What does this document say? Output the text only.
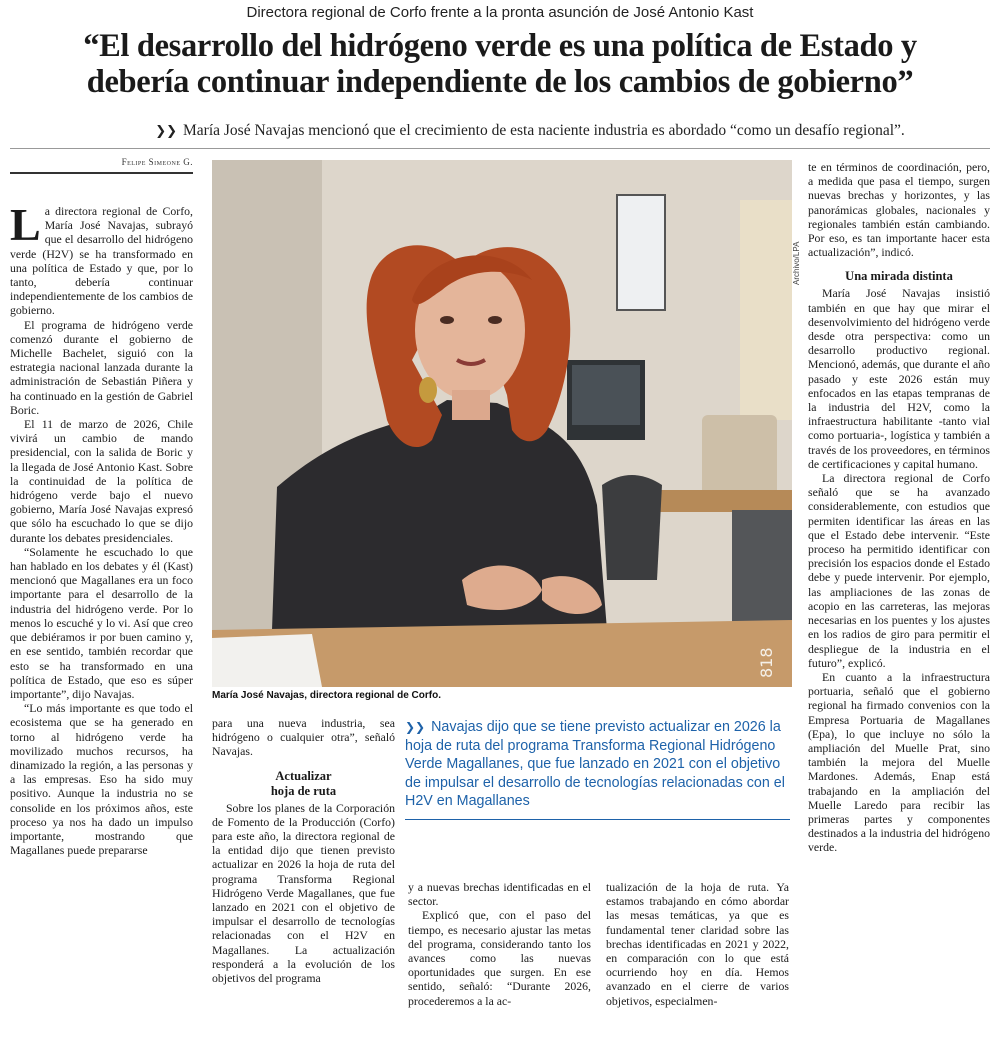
Directora regional de Corfo frente a la pronta asunción de José Antonio Kast
“El desarrollo del hidrógeno verde es una política de Estado y
debería continuar independiente de los cambios de gobierno”
❯❯ María José Navajas mencionó que el crecimiento de esta naciente industria es abordado “como un desafío regional”.
Felipe Simeone G.

La directora regional de Corfo, María José Navajas, subrayó que el desarrollo del hidrógeno verde (H2V) se ha transformado en una política de Estado y que, por lo tanto, debería continuar independientemente de los cambios de gobierno.

El programa de hidrógeno verde comenzó durante el gobierno de Michelle Bachelet, siguió con la estrategia nacional lanzada durante la administración de Sebastián Piñera y ha continuado en la gestión de Gabriel Boric.

El 11 de marzo de 2026, Chile vivirá un cambio de mando presidencial, con la salida de Boric y la llegada de José Antonio Kast. Sobre la continuidad de la política de hidrógeno verde bajo el nuevo gobierno, María José Navajas expresó que sólo ha escuchado lo que se dijo durante los debates presidenciales.

“Solamente he escuchado lo que han hablado en los debates y él (Kast) mencionó que Magallanes era un foco importante para el desarrollo de la industria del hidrógeno verde. Por lo menos lo escuché y lo vi. Así que creo que debiéramos ir por buen camino y, en ese sentido, también recordar que esto se ha transformado en una política de Estado, que eso es súper importante”, dijo Navajas.

“Lo más importante es que todo el ecosistema que se ha generado en torno al hidrógeno verde ha movilizado muchos recursos, ha dinamizado la región, a las personas y a las empresas. Eso ha sido muy positivo. Aunque la industria no se consolide en los próximos años, este proceso ya nos ha dado un impulso importante, mostrando que Magallanes puede prepararse

818
Archivo/LPA
María José Navajas, directora regional de Corfo.

para una nueva industria, sea hidrógeno o cualquier otra”, señaló Navajas.

Actualizar
hoja de ruta

Sobre los planes de la Corporación de Fomento de la Producción (Corfo) para este año, la directora regional de la entidad dijo que tienen previsto actualizar en 2026 la hoja de ruta del programa Transforma Regional Hidrógeno Verde Magallanes, que fue lanzado en 2021 con el objetivo de impulsar el desarrollo de tecnologías relacionadas con el H2V en Magallanes. La actualización responderá a la evolución de los objetivos del programa

❯❯ Navajas dijo que se tiene previsto actualizar en 2026 la hoja de ruta del programa Transforma Regional Hidrógeno Verde Magallanes, que fue lanzado en 2021 con el objetivo de impulsar el desarrollo de tecnologías relacionadas con el H2V en Magallanes

y a nuevas brechas identificadas en el sector.

Explicó que, con el paso del tiempo, es necesario ajustar las metas del programa, considerando tanto los avances como las nuevas oportunidades que surgen. En ese sentido, señaló: “Durante 2026, procederemos a la ac-

tualización de la hoja de ruta. Ya estamos trabajando en cómo abordar las mesas temáticas, ya que es fundamental tener claridad sobre las brechas identificadas en 2021 y 2022, en comparación con lo que está ocurriendo hoy en día. Hemos avanzado en el cierre de varios objetivos, especialmen-

te en términos de coordinación, pero, a medida que pasa el tiempo, surgen nuevas brechas y horizontes, y las panorámicas globales, nacionales y regionales también están cambiando. Por eso, es tan importante hacer esta actualización”, indicó.

Una mirada distinta

María José Navajas insistió también en que hay que mirar el desenvolvimiento del hidrógeno verde desde otra perspectiva: como un desarrollo productivo regional. Mencionó, además, que durante el año pasado y este 2026 están muy enfocados en las etapas tempranas de la industria del H2V, como la infraestructura habilitante -tanto vial como portuaria-, logística y también a través de los proveedores, en términos de certificaciones y capital humano.

La directora regional de Corfo señaló que se ha avanzado considerablemente, con estudios que permiten identificar las áreas en las que el Estado debe intervenir. “Este proceso ha permitido identificar con precisión los espacios donde el Estado debe y puede intervenir. Por ejemplo, las ampliaciones de las zonas de acopio en las carreteras, las mejoras necesarias en los puentes y los ajustes en los radios de giro para permitir el despliegue de la industria en el futuro”, explicó.

En cuanto a la infraestructura portuaria, señaló que el gobierno regional ha firmado convenios con la Empresa Portuaria de Magallanes (Epa), lo que incluye no sólo la ampliación del Muelle Prat, sino también la mejora del Muelle Mardones. Además, Enap está trabajando en la ampliación del Muelle Laredo para recibir las primeras partes y componentes destinados a la industria del hidrógeno verde.
